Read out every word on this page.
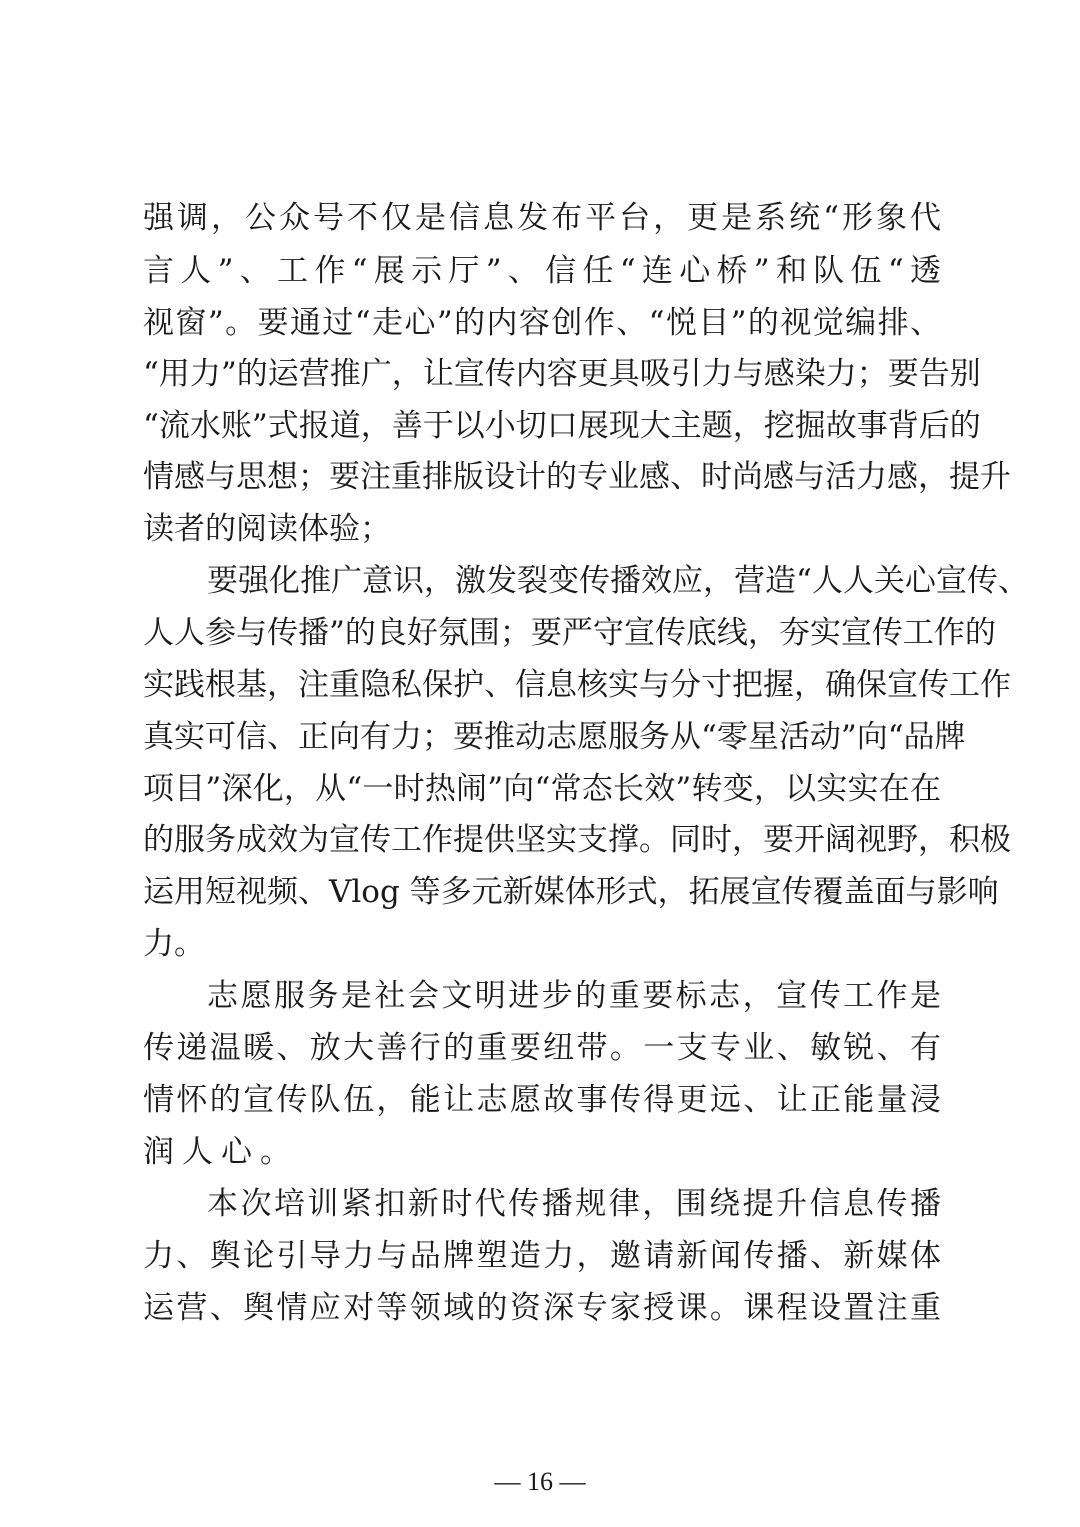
强调，公众号不仅是信息发布平台，更是系统“形象代
言人”、工作“展示厅”、信任“连心桥”和队伍“透
视窗”。要通过“走心”的内容创作、“悦目”的视觉编排、
“用力”的运营推广，让宣传内容更具吸引力与感染力；要告别
“流水账”式报道，善于以小切口展现大主题，挖掘故事背后的
情感与思想；要注重排版设计的专业感、时尚感与活力感，提升
读者的阅读体验；
要强化推广意识，激发裂变传播效应，营造“人人关心宣传、
人人参与传播”的良好氛围；要严守宣传底线，夯实宣传工作的
实践根基，注重隐私保护、信息核实与分寸把握，确保宣传工作
真实可信、正向有力；要推动志愿服务从“零星活动”向“品牌
项目”深化，从“一时热闹”向“常态长效”转变，以实实在在
的服务成效为宣传工作提供坚实支撑。同时，要开阔视野，积极
运用短视频、Vlog 等多元新媒体形式，拓展宣传覆盖面与影响
力。
志愿服务是社会文明进步的重要标志，宣传工作是
传递温暖、放大善行的重要纽带。一支专业、敏锐、有
情怀的宣传队伍，能让志愿故事传得更远、让正能量浸
润人心。
本次培训紧扣新时代传播规律，围绕提升信息传播
力、舆论引导力与品牌塑造力，邀请新闻传播、新媒体
运营、舆情应对等领域的资深专家授课。课程设置注重
— 16 —
